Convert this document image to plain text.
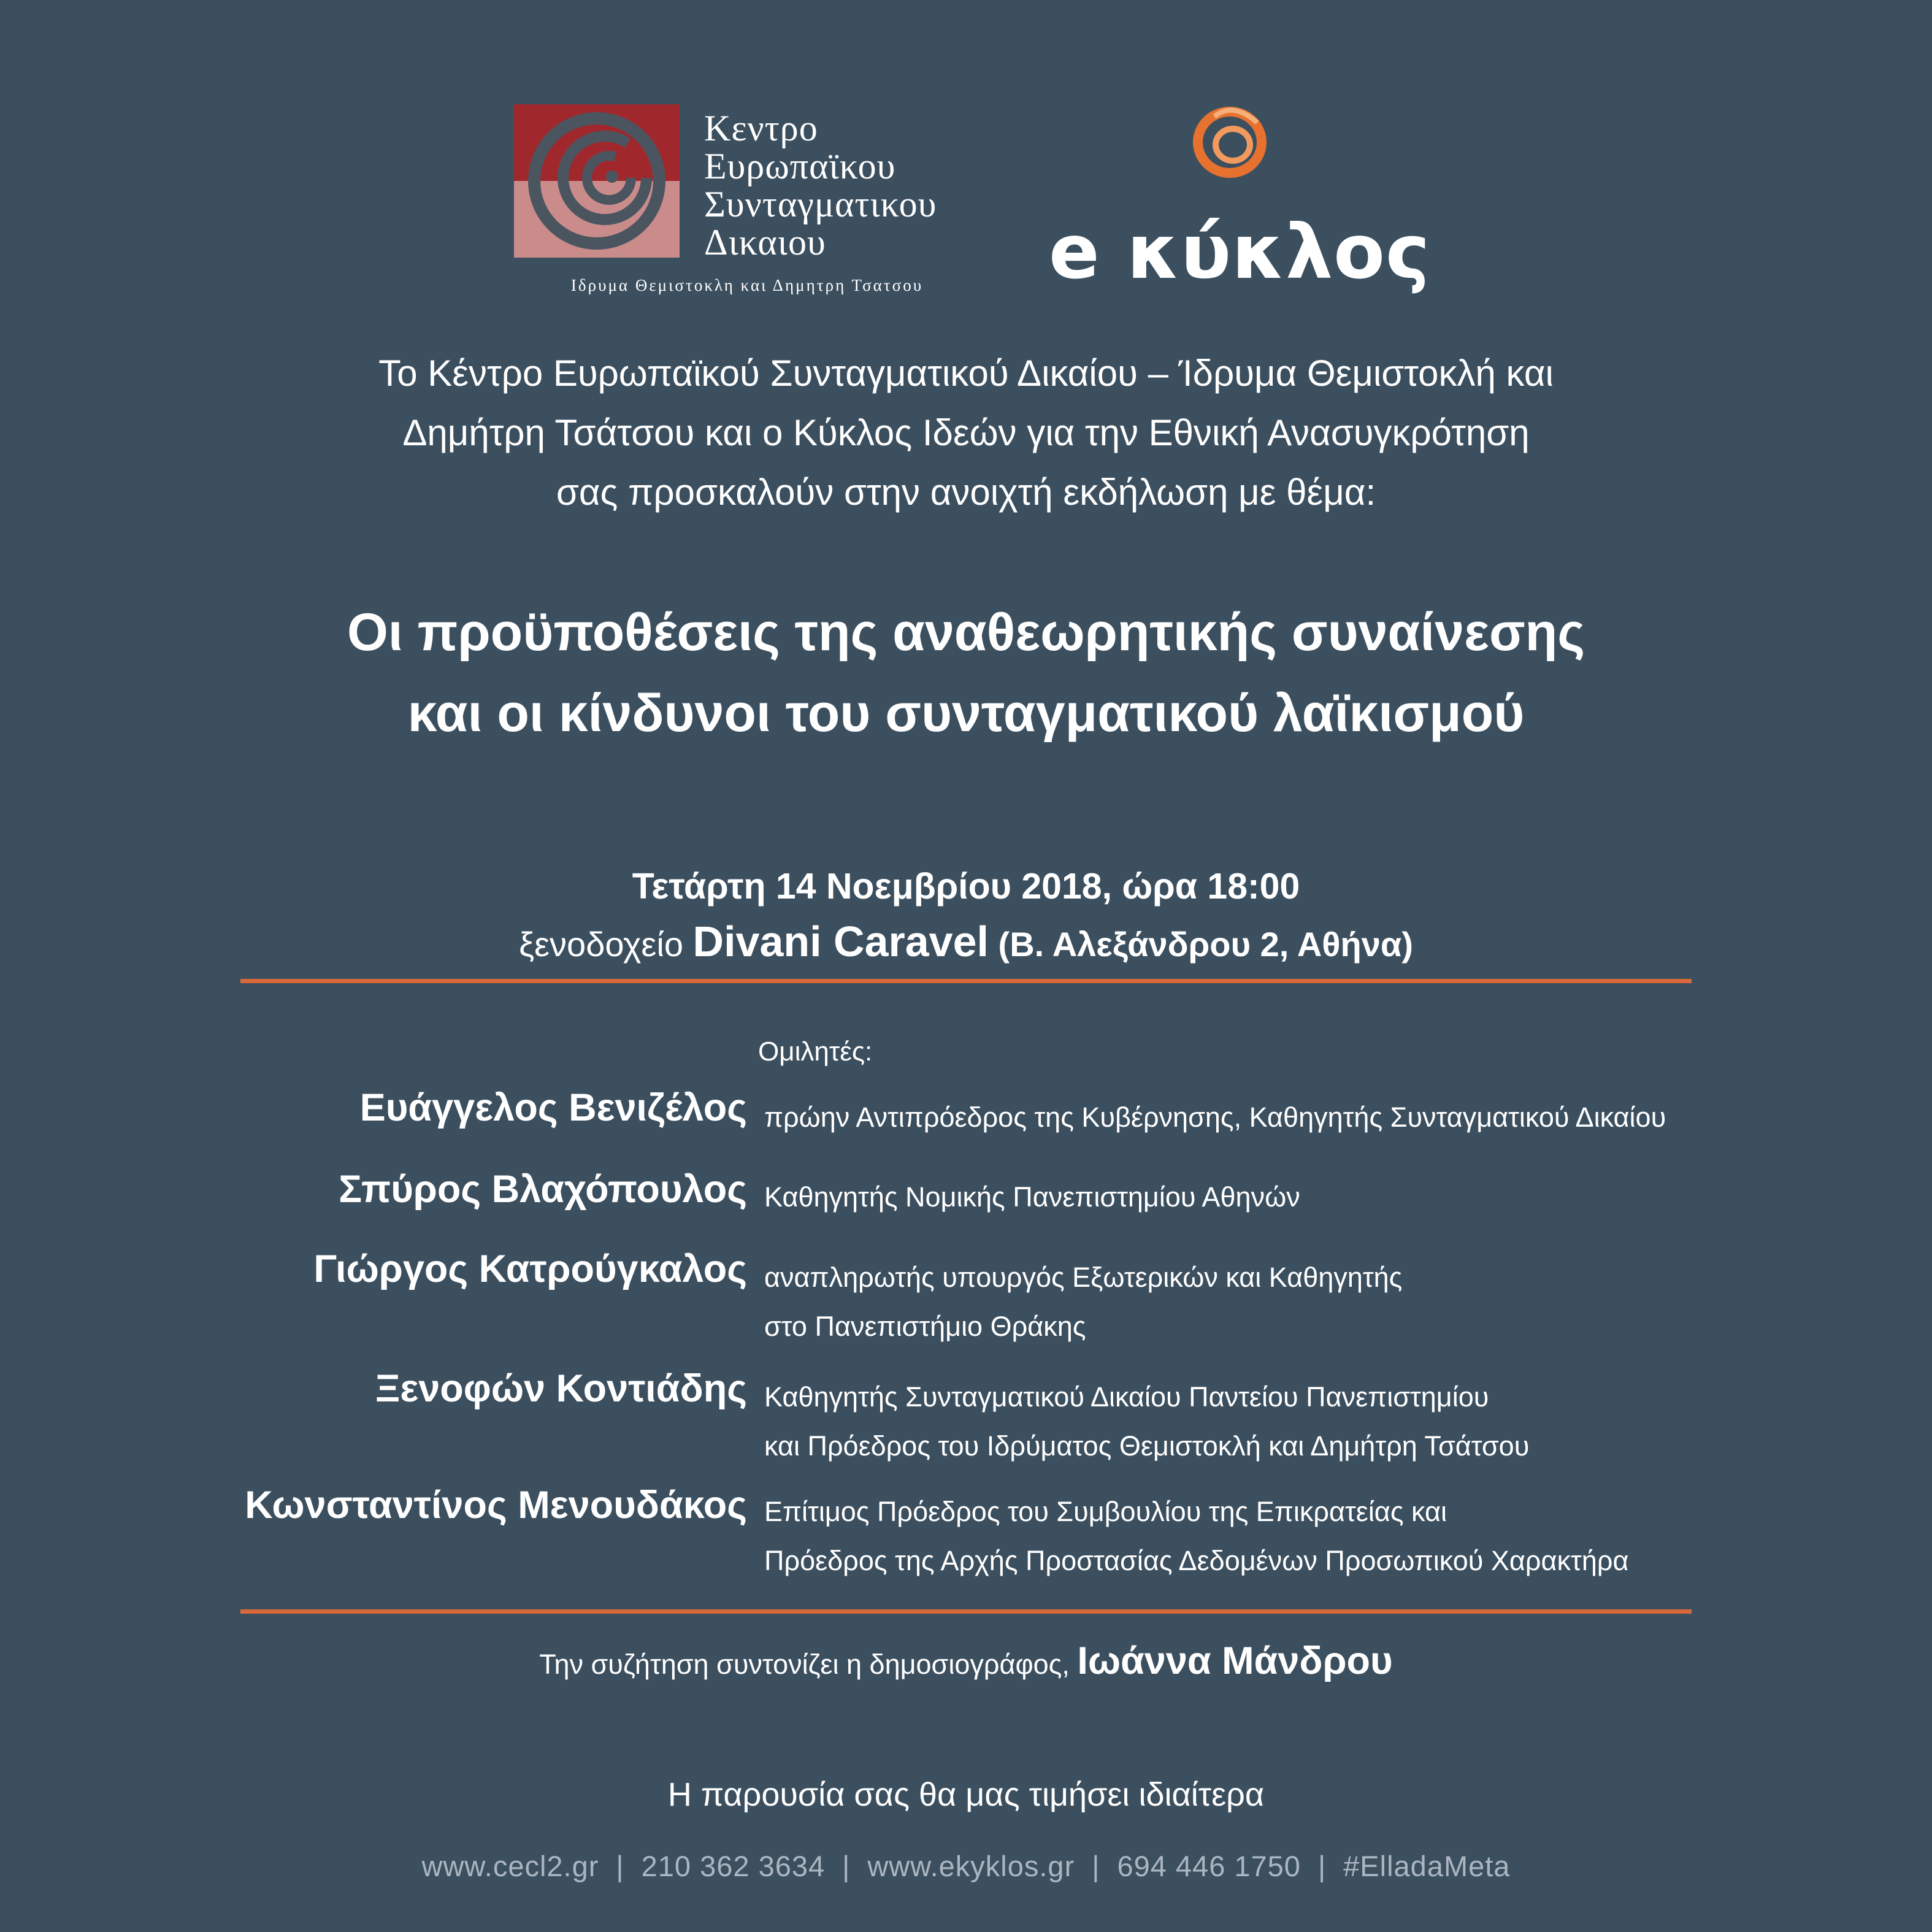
Κεντρο
Ευρωπαϊκου
Συνταγματικου
Δικαιου
Ιδρυμα Θεμιστοκλη και Δημητρη Τσατσου	e κύκλος
Το Κέντρο Ευρωπαϊκού Συνταγματικού Δικαίου – Ίδρυμα Θεμιστοκλή και
Δημήτρη Τσάτσου και ο Κύκλος Ιδεών για την Εθνική Ανασυγκρότηση
σας προσκαλούν στην ανοιχτή εκδήλωση με θέμα:
Οι προϋποθέσεις της αναθεωρητικής συναίνεσης
και οι κίνδυνοι του συνταγματικού λαϊκισμού
Τετάρτη 14 Νοεμβρίου 2018, ώρα 18:00
ξενοδοχείο Divani Caravel (Β. Αλεξάνδρου 2, Αθήνα)
Ομιλητές:
Ευάγγελος Βενιζέλος πρώην Αντιπρόεδρος της Κυβέρνησης, Καθηγητής Συνταγματικού Δικαίου
Σπύρος Βλαχόπουλος Καθηγητής Νομικής Πανεπιστημίου Αθηνών
Γιώργος Κατρούγκαλος αναπληρωτής υπουργός Εξωτερικών και Καθηγητής
στο Πανεπιστήμιο Θράκης
Ξενοφών Κοντιάδης Καθηγητής Συνταγματικού Δικαίου Παντείου Πανεπιστημίου
και Πρόεδρος του Ιδρύματος Θεμιστοκλή και Δημήτρη Τσάτσου
Κωνσταντίνος Μενουδάκος Επίτιμος Πρόεδρος του Συμβουλίου της Επικρατείας και
Πρόεδρος της Αρχής Προστασίας Δεδομένων Προσωπικού Χαρακτήρα
Την συζήτηση συντονίζει η δημοσιογράφος, Ιωάννα Μάνδρου
Η παρουσία σας θα μας τιμήσει ιδιαίτερα
www.cecl2.gr | 210 362 3634 | www.ekyklos.gr | 694 446 1750 | #ElladaMeta
